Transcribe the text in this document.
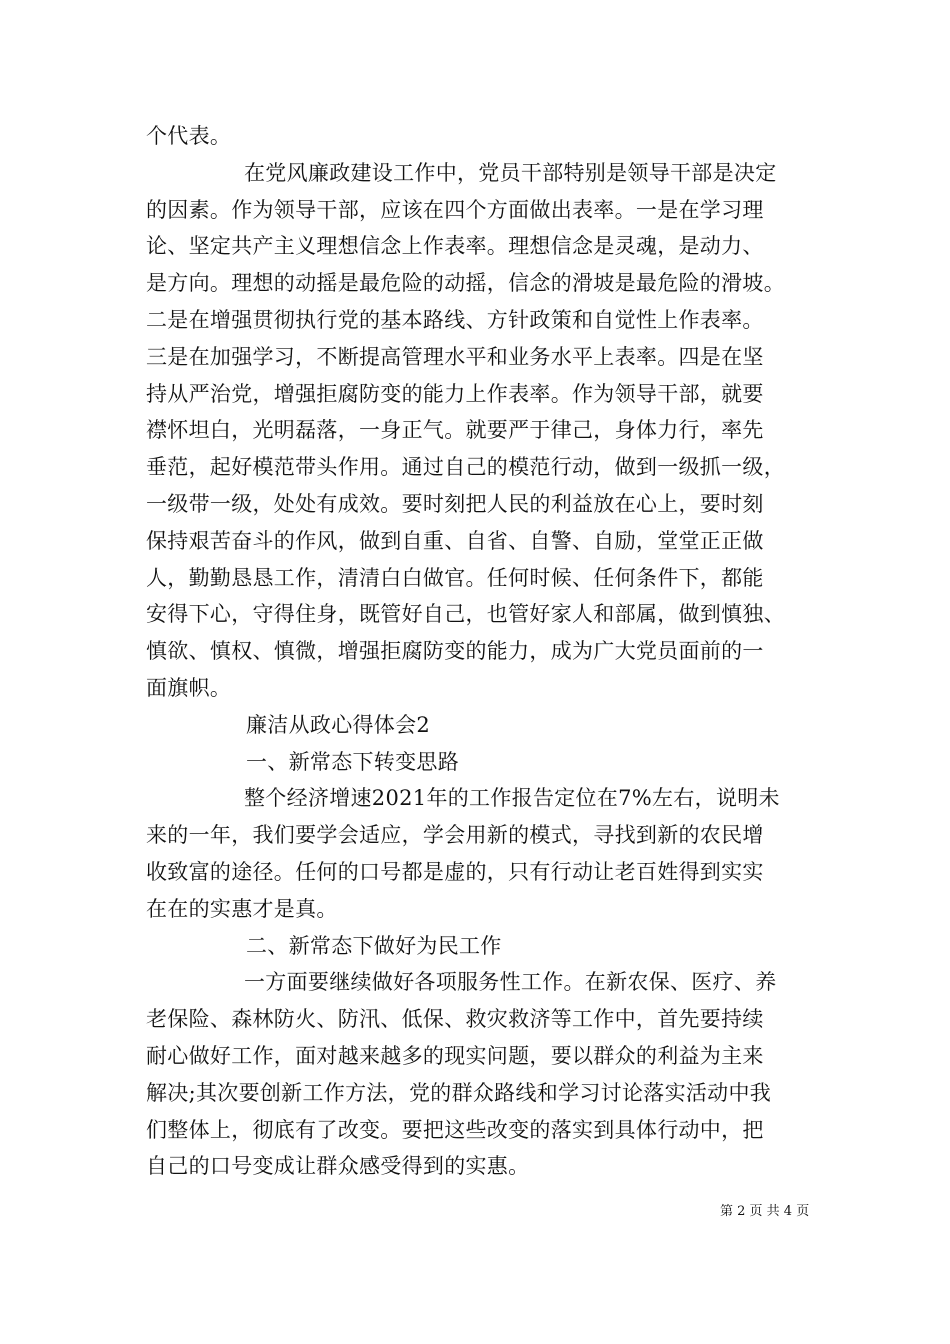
个代表。
在党风廉政建设工作中，党员干部特别是领导干部是决定
的因素。作为领导干部，应该在四个方面做出表率。一是在学习理
论、坚定共产主义理想信念上作表率。理想信念是灵魂，是动力、
是方向。理想的动摇是最危险的动摇，信念的滑坡是最危险的滑坡。
二是在增强贯彻执行党的基本路线、方针政策和自觉性上作表率。
三是在加强学习，不断提高管理水平和业务水平上表率。四是在坚
持从严治党，增强拒腐防变的能力上作表率。作为领导干部，就要
襟怀坦白，光明磊落，一身正气。就要严于律己，身体力行，率先
垂范，起好模范带头作用。通过自己的模范行动，做到一级抓一级，
一级带一级，处处有成效。要时刻把人民的利益放在心上，要时刻
保持艰苦奋斗的作风，做到自重、自省、自警、自励，堂堂正正做
人，勤勤恳恳工作，清清白白做官。任何时候、任何条件下，都能
安得下心，守得住身，既管好自己，也管好家人和部属，做到慎独、
慎欲、慎权、慎微，增强拒腐防变的能力，成为广大党员面前的一
面旗帜。
廉洁从政心得体会2
一、新常态下转变思路
整个经济增速2021年的工作报告定位在7%左右，说明未
来的一年，我们要学会适应，学会用新的模式，寻找到新的农民增
收致富的途径。任何的口号都是虚的，只有行动让老百姓得到实实
在在的实惠才是真。
二、新常态下做好为民工作
一方面要继续做好各项服务性工作。在新农保、医疗、养
老保险、森林防火、防汛、低保、救灾救济等工作中，首先要持续
耐心做好工作，面对越来越多的现实问题，要以群众的利益为主来
解决;其次要创新工作方法，党的群众路线和学习讨论落实活动中我
们整体上，彻底有了改变。要把这些改变的落实到具体行动中，把
自己的口号变成让群众感受得到的实惠。
第 2 页 共 4 页
